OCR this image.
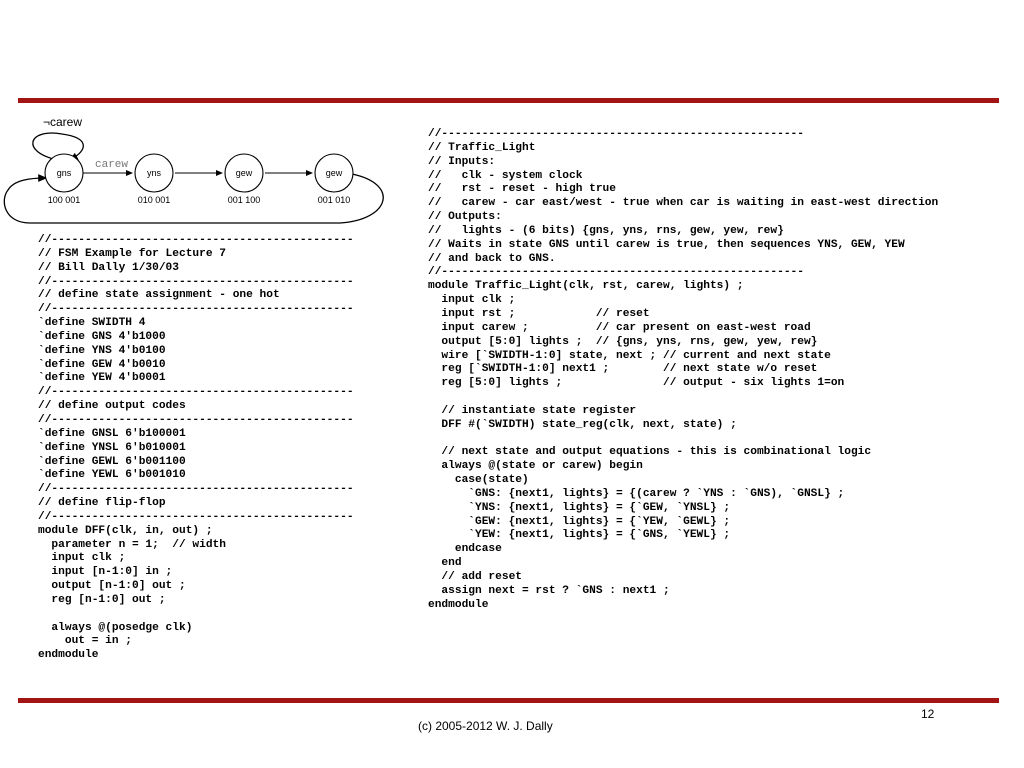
¬carew
carew
gns
100 001
yns
010 001
gew
001 100
gew
001 010
//---------------------------------------------
// FSM Example for Lecture 7
// Bill Dally 1/30/03
//---------------------------------------------
// define state assignment - one hot
//---------------------------------------------
`define SWIDTH 4
`define GNS 4'b1000
`define YNS 4'b0100
`define GEW 4'b0010
`define YEW 4'b0001
//---------------------------------------------
// define output codes
//---------------------------------------------
`define GNSL 6'b100001
`define YNSL 6'b010001
`define GEWL 6'b001100
`define YEWL 6'b001010
//---------------------------------------------
// define flip-flop
//---------------------------------------------
module DFF(clk, in, out) ;
parameter n = 1;  // width
input clk ;
input [n-1:0] in ;
output [n-1:0] out ;
reg [n-1:0] out ;

always @(posedge clk)
out = in ;
endmodule
//------------------------------------------------------
// Traffic_Light
// Inputs:
//   clk - system clock
//   rst - reset - high true
//   carew - car east/west - true when car is waiting in east-west direction
// Outputs:
//   lights - (6 bits) {gns, yns, rns, gew, yew, rew}
// Waits in state GNS until carew is true, then sequences YNS, GEW, YEW
// and back to GNS.
//------------------------------------------------------
module Traffic_Light(clk, rst, carew, lights) ;
input clk ;
input rst ;            // reset
input carew ;          // car present on east-west road
output [5:0] lights ;  // {gns, yns, rns, gew, yew, rew}
wire [`SWIDTH-1:0] state, next ; // current and next state
reg [`SWIDTH-1:0] next1 ;        // next state w/o reset
reg [5:0] lights ;               // output - six lights 1=on

// instantiate state register
DFF #(`SWIDTH) state_reg(clk, next, state) ;

// next state and output equations - this is combinational logic
always @(state or carew) begin
case(state)
`GNS: {next1, lights} = {(carew ? `YNS : `GNS), `GNSL} ;
`YNS: {next1, lights} = {`GEW, `YNSL} ;
`GEW: {next1, lights} = {`YEW, `GEWL} ;
`YEW: {next1, lights} = {`GNS, `YEWL} ;
endcase
end
// add reset
assign next = rst ? `GNS : next1 ;
endmodule
12
(c) 2005-2012 W. J. Dally
